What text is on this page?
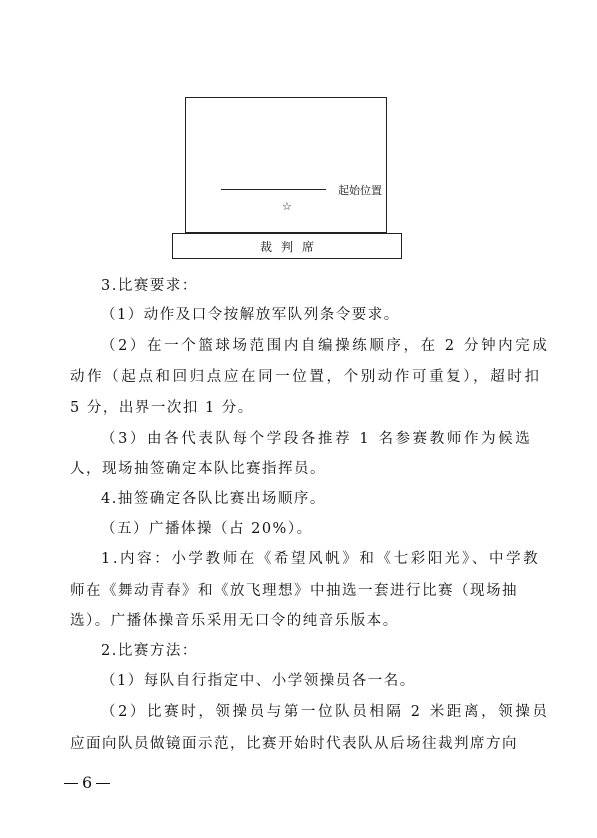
起始位置
☆
裁判席
3.比赛要求：
（1）动作及口令按解放军队列条令要求。
（2）在一个篮球场范围内自编操练顺序，在 2 分钟内完成
动作（起点和回归点应在同一位置，个别动作可重复），超时扣
5 分，出界一次扣 1 分。
（3）由各代表队每个学段各推荐 1 名参赛教师作为候选
人，现场抽签确定本队比赛指挥员。
4.抽签确定各队比赛出场顺序。
（五）广播体操（占 20%）。
1.内容：小学教师在《希望风帆》和《七彩阳光》、中学教
师在《舞动青春》和《放飞理想》中抽选一套进行比赛（现场抽
选）。广播体操音乐采用无口令的纯音乐版本。
2.比赛方法：
（1）每队自行指定中、小学领操员各一名。
（2）比赛时，领操员与第一位队员相隔 2 米距离，领操员
应面向队员做镜面示范，比赛开始时代表队从后场往裁判席方向
6
